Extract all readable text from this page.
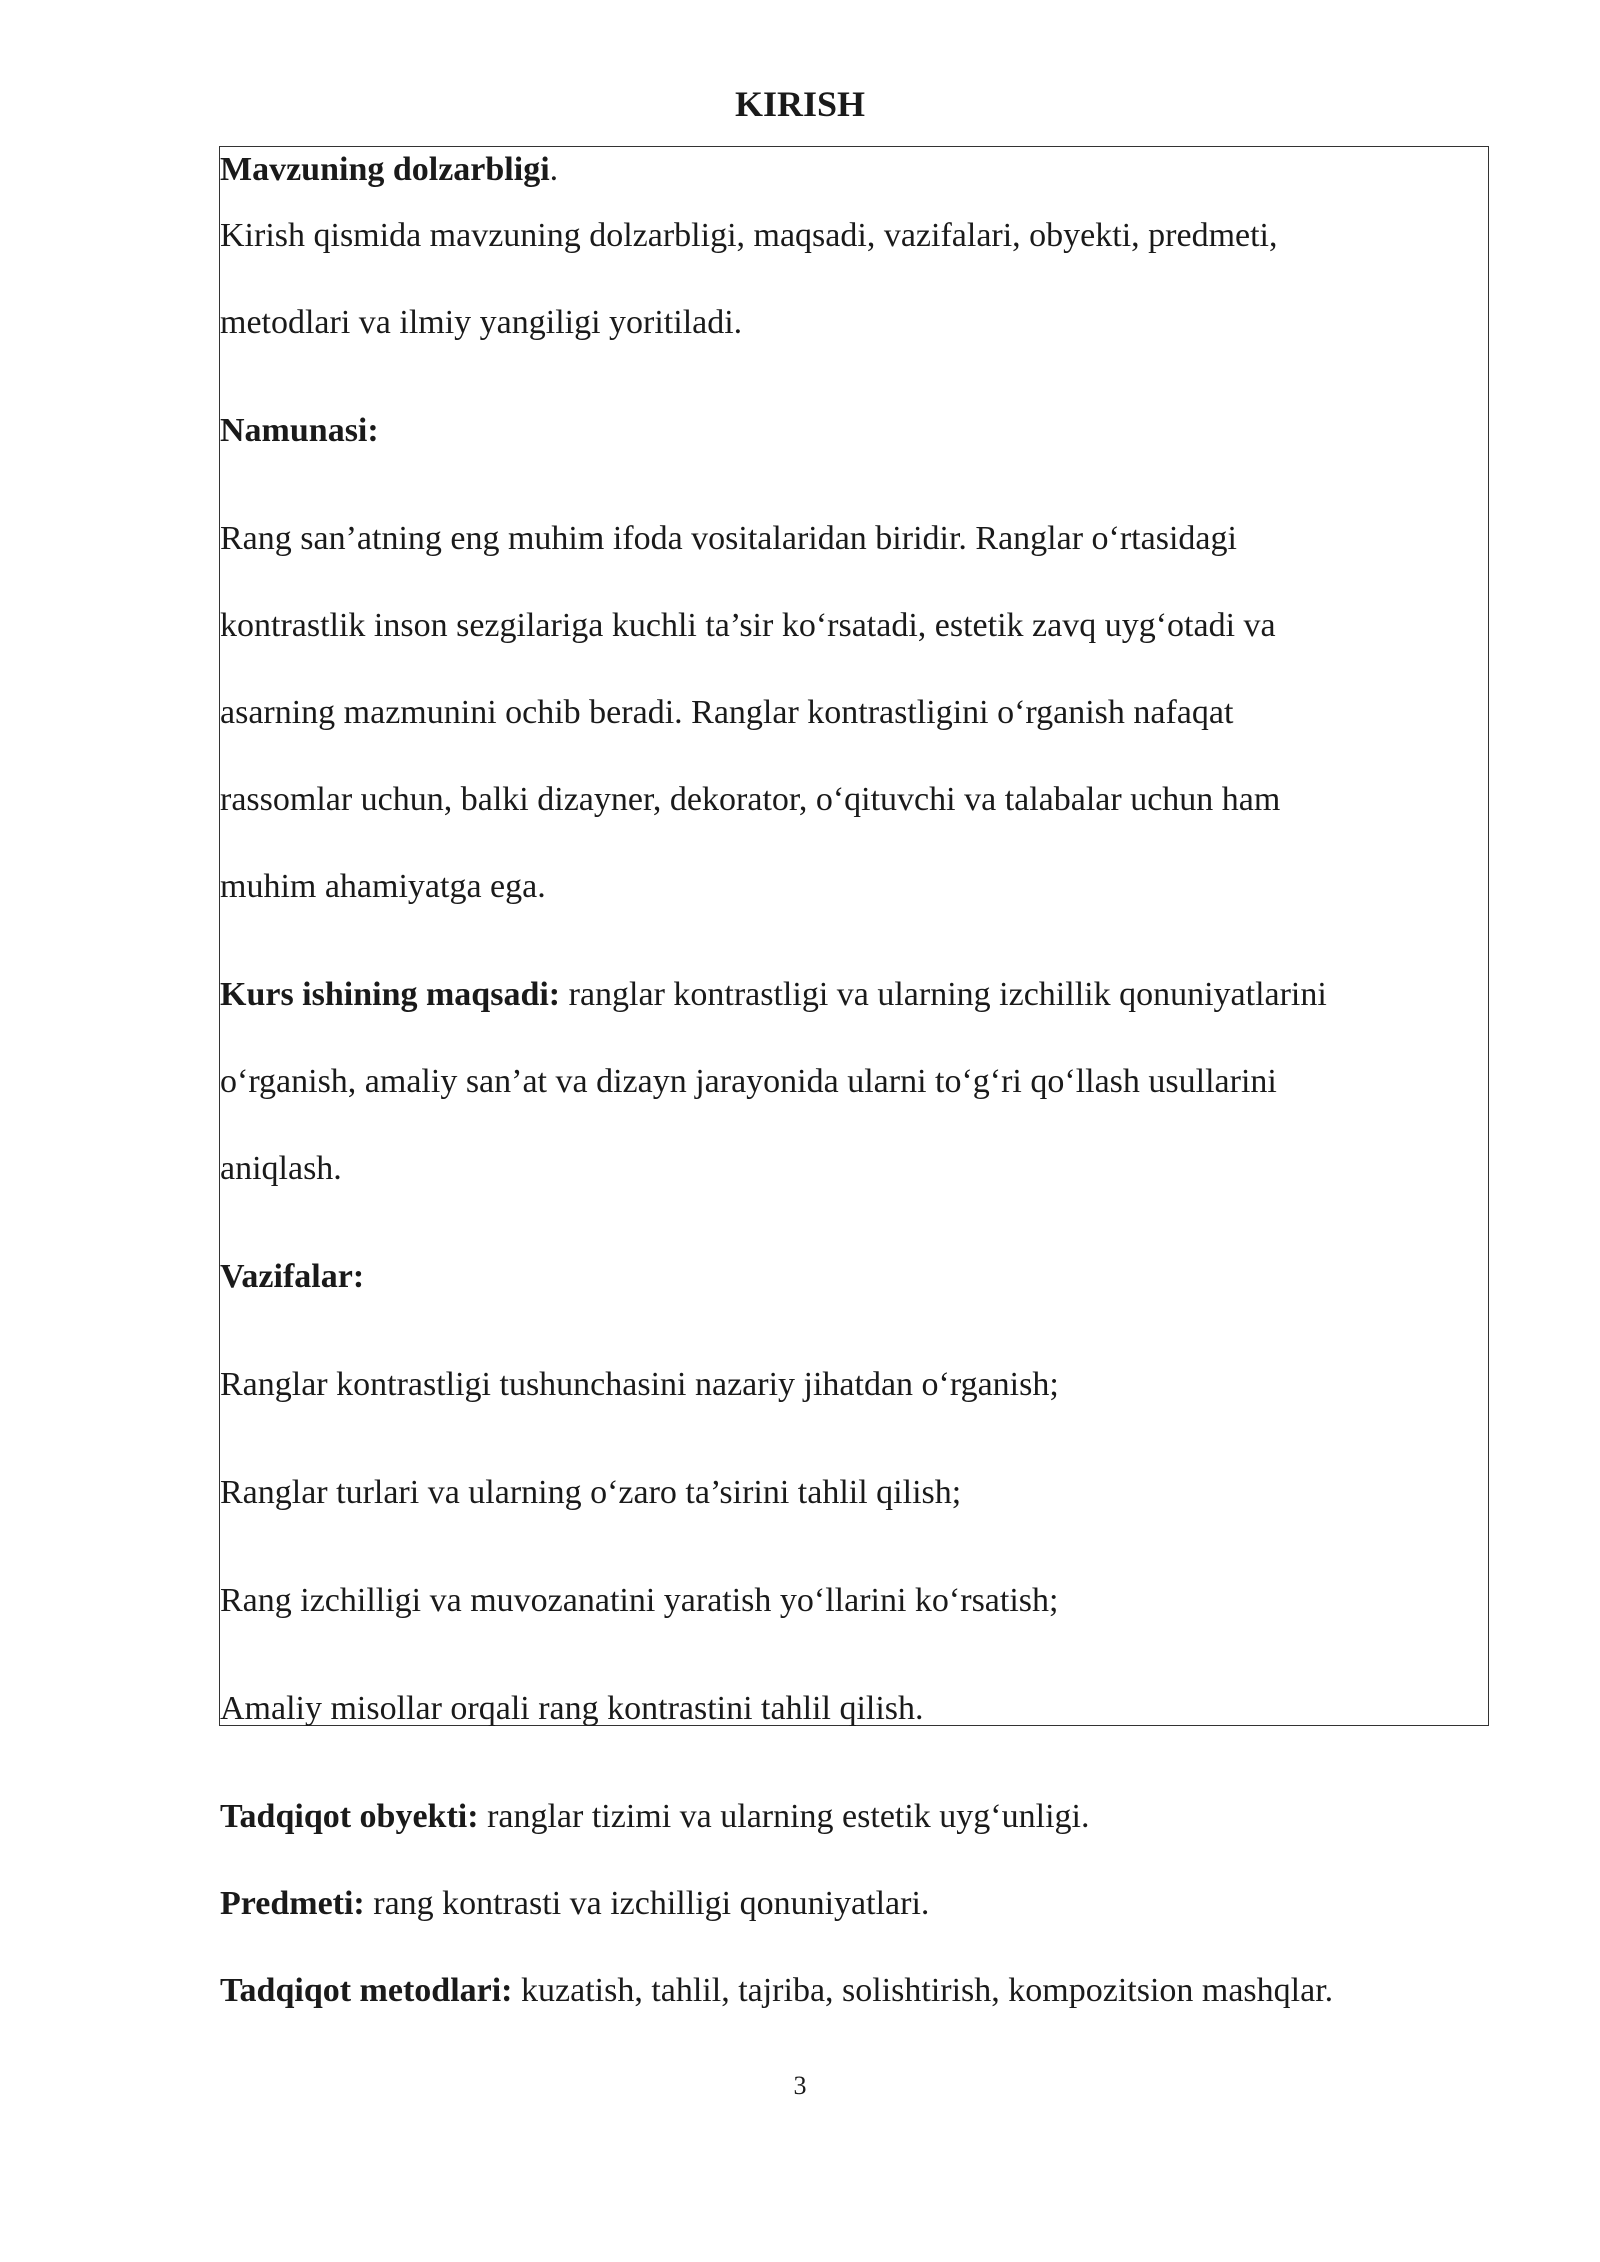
KIRISH
Mavzuning dolzarbligi.
Kirish qismida mavzuning dolzarbligi, maqsadi, vazifalari, obyekti, predmeti,
metodlari va ilmiy yangiligi yoritiladi.
Namunasi:
Rang san’atning eng muhim ifoda vositalaridan biridir. Ranglar o‘rtasidagi
kontrastlik inson sezgilariga kuchli ta’sir ko‘rsatadi, estetik zavq uyg‘otadi va
asarning mazmunini ochib beradi. Ranglar kontrastligini o‘rganish nafaqat
rassomlar uchun, balki dizayner, dekorator, o‘qituvchi va talabalar uchun ham
muhim ahamiyatga ega.
Kurs ishining maqsadi: ranglar kontrastligi va ularning izchillik qonuniyatlarini
o‘rganish, amaliy san’at va dizayn jarayonida ularni to‘g‘ri qo‘llash usullarini
aniqlash.
Vazifalar:
Ranglar kontrastligi tushunchasini nazariy jihatdan o‘rganish;
Ranglar turlari va ularning o‘zaro ta’sirini tahlil qilish;
Rang izchilligi va muvozanatini yaratish yo‘llarini ko‘rsatish;
Amaliy misollar orqali rang kontrastini tahlil qilish.
Tadqiqot obyekti: ranglar tizimi va ularning estetik uyg‘unligi.
Predmeti: rang kontrasti va izchilligi qonuniyatlari.
Tadqiqot metodlari: kuzatish, tahlil, tajriba, solishtirish, kompozitsion mashqlar.
3
